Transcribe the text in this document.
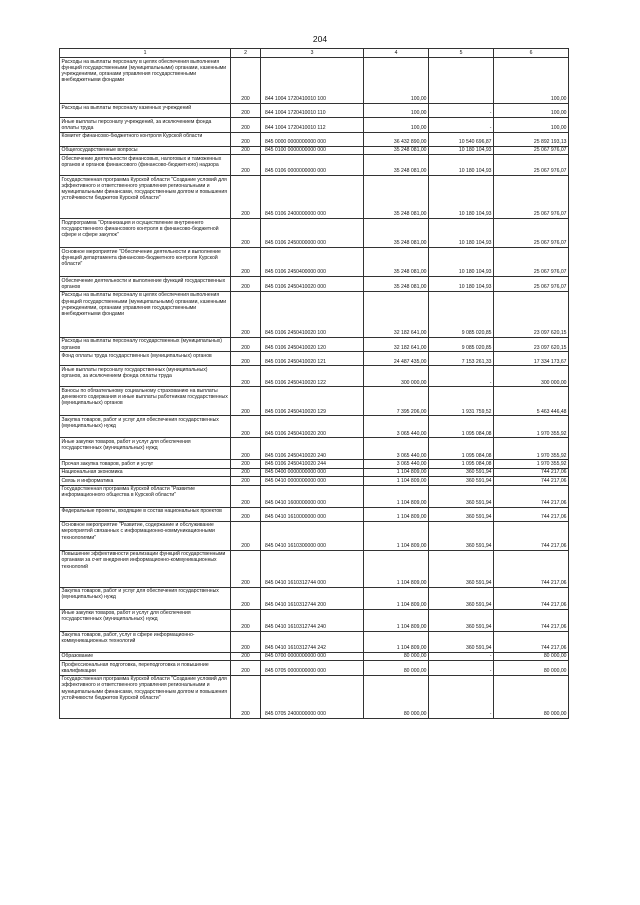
204
1	2	3	4	5	6

Расходы на выплаты персоналу в целях обеспечения выполнения функций государственными (муниципальными) органами, казенными учреждениями, органами управления государственными внебюджетными фондами	200	844 1004 1720410010 100	100,00		100,00

Расходы на выплаты персоналу казенных учреждений	200	844 1004 1720410010 110	100,00	-	100,00

Иные выплаты персоналу учреждений, за исключением фонда оплаты труда	200	844 1004 1720410010 112	100,00	-	100,00

Комитет финансово-бюджетного контроля Курской области	200	845 0000 0000000000 000	36 432 890,00	10 540 696,87	25 892 193,13

Общегосударственные вопросы	200	845 0100 0000000000 000	35 248 081,00	10 180 104,93	25 067 976,07

Обеспечение деятельности финансовых, налоговых и таможенных органов и органов финансового (финансово-бюджетного) надзора	200	845 0106 0000000000 000	35 248 081,00	10 180 104,93	25 067 976,07

Государственная программа Курской области "Создание условий для эффективного и ответственного управления региональными и муниципальными финансами, государственным долгом и повышения устойчивости бюджетов Курской области"	200	845 0106 2400000000 000	35 248 081,00	10 180 104,93	25 067 976,07

Подпрограмма "Организация и осуществление внутреннего государственного финансового контроля в финансово-бюджетной сфере и сфере закупок"	200	845 0106 2450000000 000	35 248 081,00	10 180 104,93	25 067 976,07

Основное мероприятие "Обеспечение деятельности и выполнение функций департамента финансово-бюджетного контроля Курской области"	200	845 0106 2450400000 000	35 248 081,00	10 180 104,93	25 067 976,07

Обеспечение деятельности и выполнение функций государственных органов	200	845 0106 2450410020 000	35 248 081,00	10 180 104,93	25 067 976,07

Расходы на выплаты персоналу в целях обеспечения выполнения функций государственными (муниципальными) органами, казенными учреждениями, органами управления государственными внебюджетными фондами	200	845 0106 2450410020 100	32 182 641,00	9 085 020,85	23 097 620,15

Расходы на выплаты персоналу государственных (муниципальных) органов	200	845 0106 2450410020 120	32 182 641,00	9 085 020,85	23 097 620,15

Фонд оплаты труда государственных (муниципальных) органов	200	845 0106 2450410020 121	24 487 435,00	7 153 261,33	17 334 173,67

Иные выплаты персоналу государственных (муниципальных) органов, за исключением фонда оплаты труда	200	845 0106 2450410020 122	300 000,00	-	300 000,00

Взносы по обязательному социальному страхованию на выплаты денежного содержания и иные выплаты работникам государственных (муниципальных) органов	200	845 0106 2450410020 129	7 395 206,00	1 931 759,52	5 463 446,48

Закупка товаров, работ и услуг для обеспечения государственных (муниципальных) нужд	200	845 0106 2450410020 200	3 065 440,00	1 095 084,08	1 970 355,92

Иные закупки товаров, работ и услуг для обеспечения государственных (муниципальных) нужд	200	845 0106 2450410020 240	3 065 440,00	1 095 084,08	1 970 355,92

Прочая закупка товаров, работ и услуг	200	845 0106 2450410020 244	3 065 440,00	1 095 084,08	1 970 355,92

Национальная экономика	200	845 0400 0000000000 000	1 104 809,00	360 591,94	744 217,06

Связь и информатика	200	845 0410 0000000000 000	1 104 809,00	360 591,94	744 217,06

Государственная программа Курской области "Развитие информационного общества в Курской области"	200	845 0410 1600000000 000	1 104 809,00	360 591,94	744 217,06

Федеральные проекты, входящие в состав национальных проектов	200	845 0410 1610000000 000	1 104 809,00	360 591,94	744 217,06

Основное мероприятие "Развитие, содержание и обслуживание мероприятий связанных с информационно-коммуникационными технологиями"	200	845 0410 1610300000 000	1 104 809,00	360 591,94	744 217,06

Повышение эффективности реализации функций государственными органами за счет внедрения информационно-коммуникационных технологий	200	845 0410 1610312744 000	1 104 809,00	360 591,94	744 217,06

Закупка товаров, работ и услуг для обеспечения государственных (муниципальных) нужд	200	845 0410 1610312744 200	1 104 809,00	360 591,94	744 217,06

Иные закупки товаров, работ и услуг для обеспечения государственных (муниципальных) нужд	200	845 0410 1610312744 240	1 104 809,00	360 591,94	744 217,06

Закупка товаров, работ, услуг в сфере информационно-коммуникационных технологий	200	845 0410 1610312744 242	1 104 809,00	360 591,94	744 217,06

Образование	200	845 0700 0000000000 000	80 000,00	-	80 000,00

Профессиональная подготовка, переподготовка и повышение квалификации	200	845 0705 0000000000 000	80 000,00	-	80 000,00

Государственная программа Курской области "Создание условий для эффективного и ответственного управления региональными и муниципальными финансами, государственным долгом и повышения устойчивости бюджетов Курской области"	200	845 0705 2400000000 000	80 000,00	-	80 000,00
